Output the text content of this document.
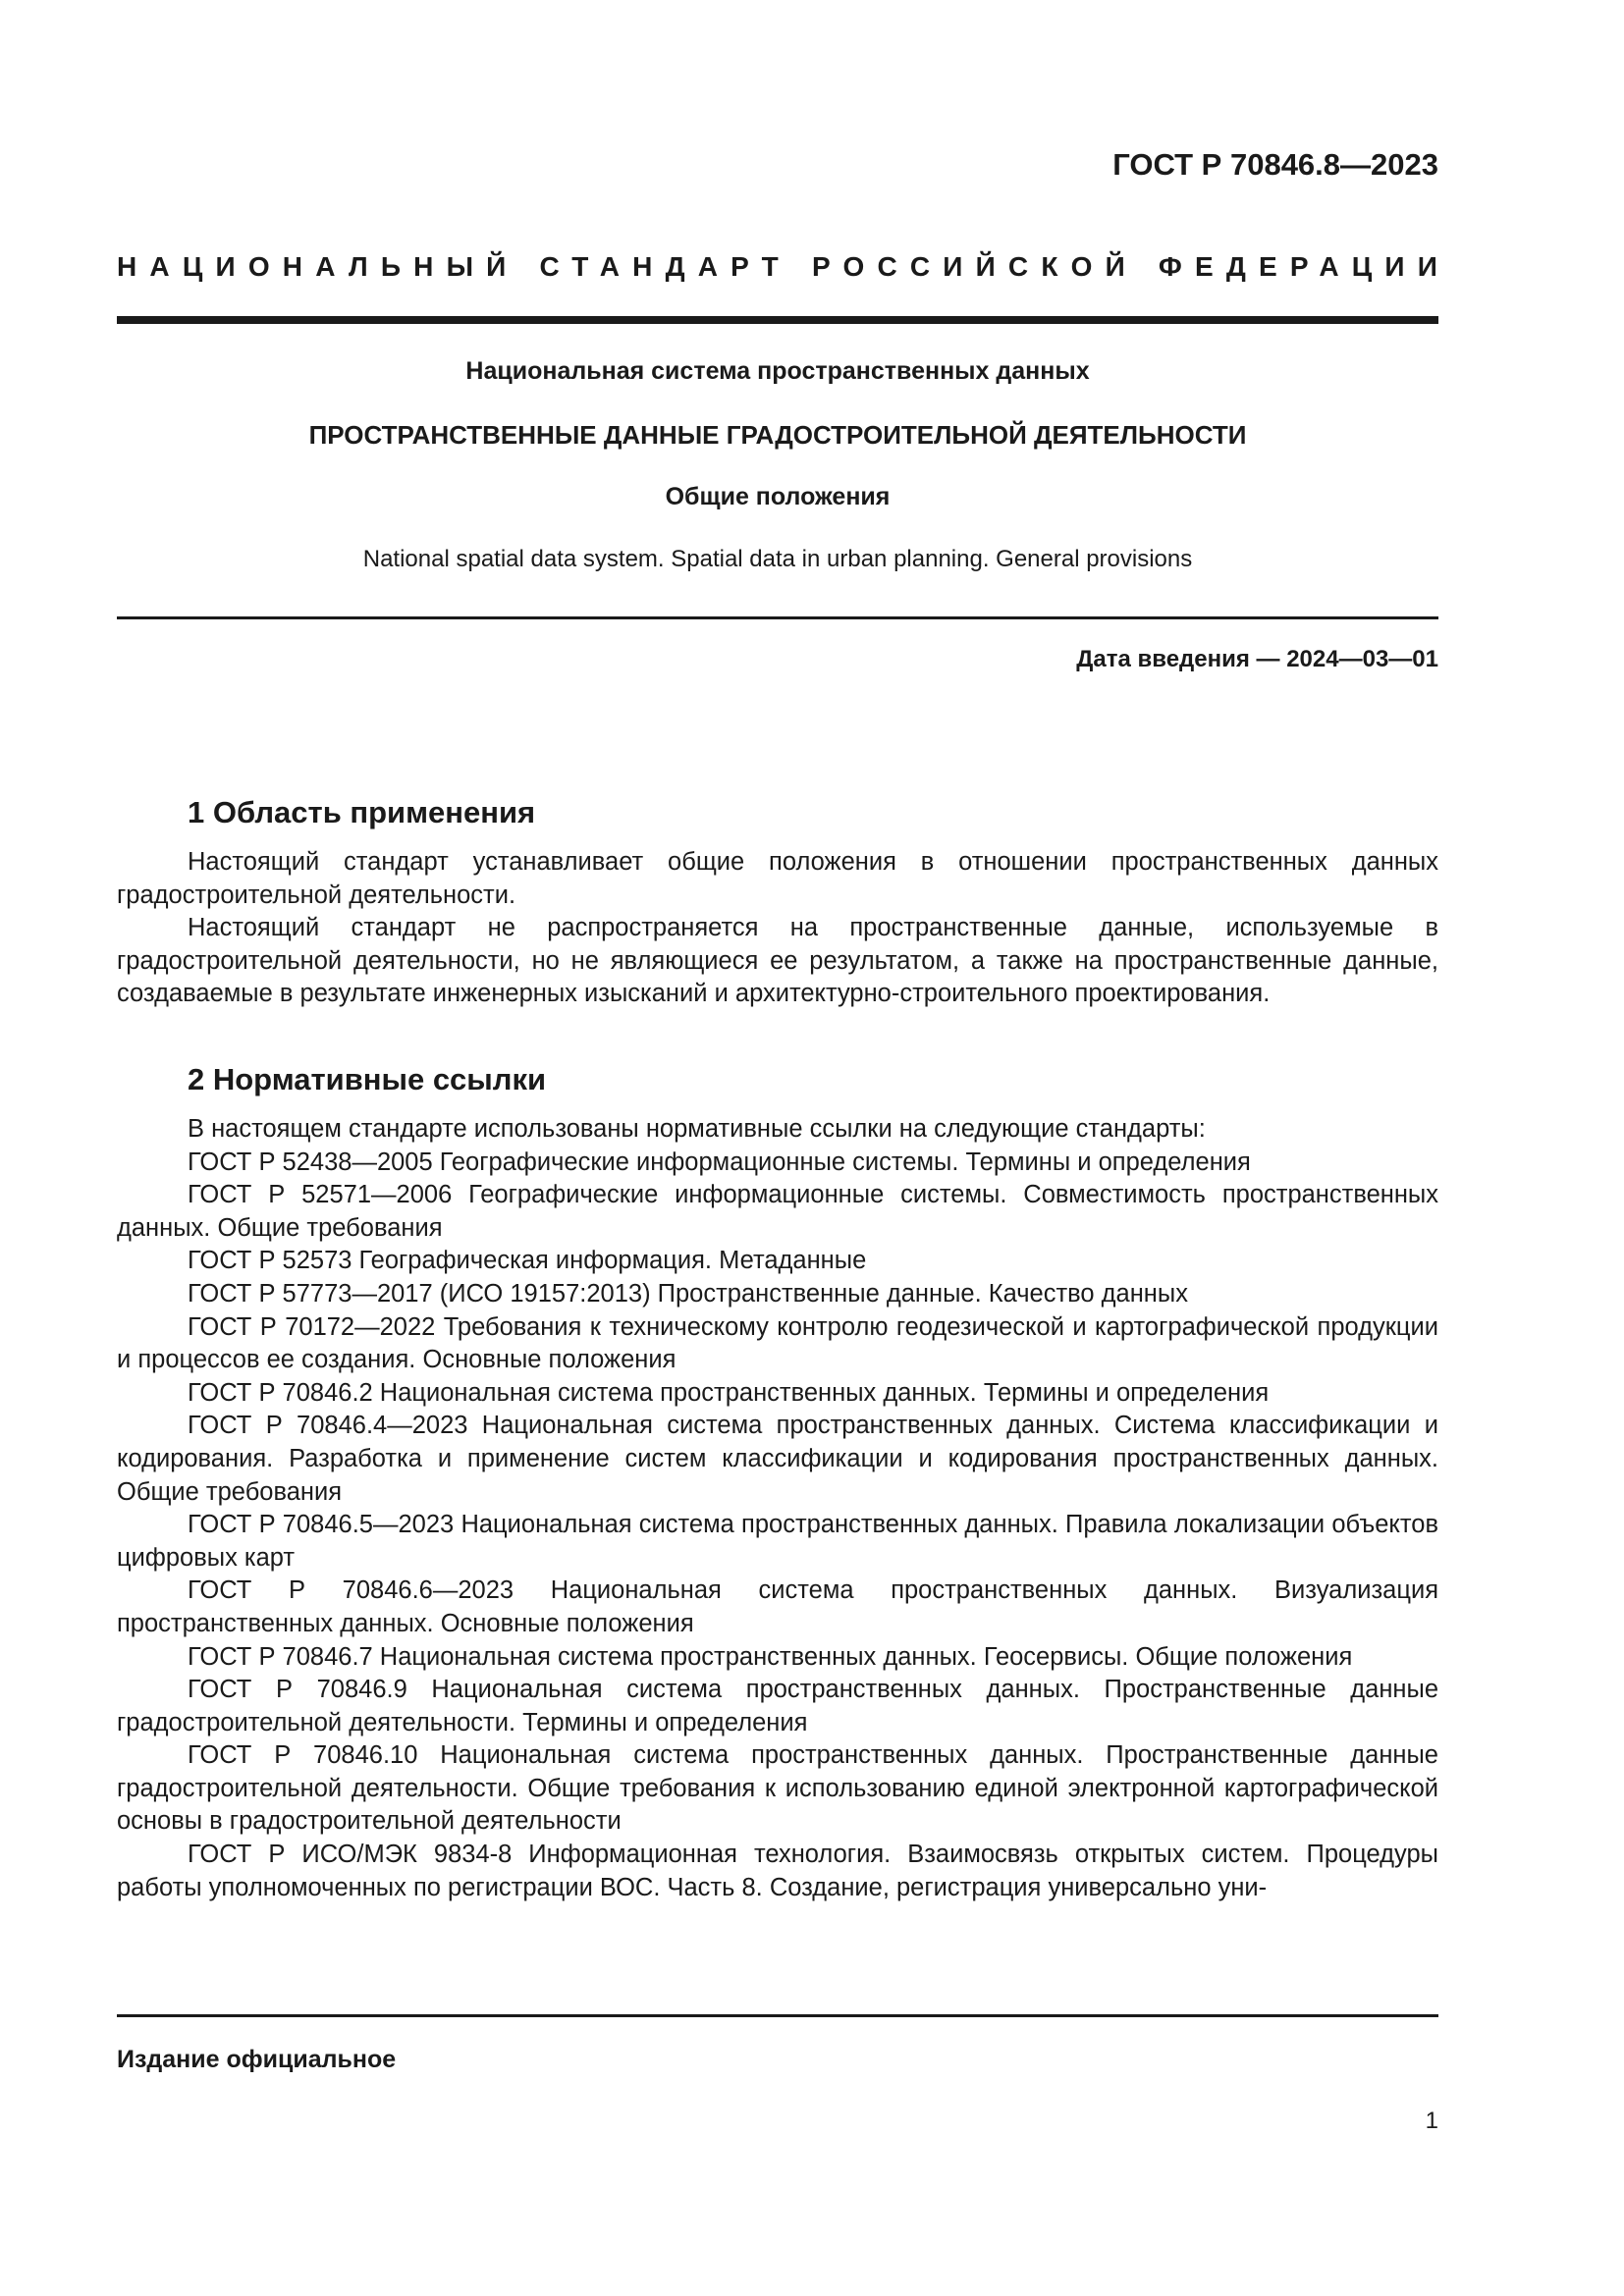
ГОСТ Р 70846.8—2023
НАЦИОНАЛЬНЫЙ СТАНДАРТ РОССИЙСКОЙ ФЕДЕРАЦИИ
Национальная система пространственных данных
ПРОСТРАНСТВЕННЫЕ ДАННЫЕ ГРАДОСТРОИТЕЛЬНОЙ ДЕЯТЕЛЬНОСТИ
Общие положения
National spatial data system. Spatial data in urban planning. General provisions
Дата введения — 2024—03—01
1 Область применения

Настоящий стандарт устанавливает общие положения в отношении пространственных данных градостроительной деятельности.

Настоящий стандарт не распространяется на пространственные данные, используемые в градостроительной деятельности, но не являющиеся ее результатом, а также на пространственные данные, создаваемые в результате инженерных изысканий и архитектурно-строительного проектирования.

2 Нормативные ссылки

В настоящем стандарте использованы нормативные ссылки на следующие стандарты:

ГОСТ Р 52438—2005 Географические информационные системы. Термины и определения

ГОСТ Р 52571—2006 Географические информационные системы. Совместимость пространственных данных. Общие требования

ГОСТ Р 52573 Географическая информация. Метаданные

ГОСТ Р 57773—2017 (ИСО 19157:2013) Пространственные данные. Качество данных

ГОСТ Р 70172—2022 Требования к техническому контролю геодезической и картографической продукции и процессов ее создания. Основные положения

ГОСТ Р 70846.2 Национальная система пространственных данных. Термины и определения

ГОСТ Р 70846.4—2023 Национальная система пространственных данных. Система классификации и кодирования. Разработка и применение систем классификации и кодирования пространственных данных. Общие требования

ГОСТ Р 70846.5—2023 Национальная система пространственных данных. Правила локализации объектов цифровых карт

ГОСТ Р 70846.6—2023 Национальная система пространственных данных. Визуализация пространственных данных. Основные положения

ГОСТ Р 70846.7 Национальная система пространственных данных. Геосервисы. Общие положения

ГОСТ Р 70846.9 Национальная система пространственных данных. Пространственные данные градостроительной деятельности. Термины и определения

ГОСТ Р 70846.10 Национальная система пространственных данных. Пространственные данные градостроительной деятельности. Общие требования к использованию единой электронной картографической основы в градостроительной деятельности

ГОСТ Р ИСО/МЭК 9834-8 Информационная технология. Взаимосвязь открытых систем. Процедуры работы уполномоченных по регистрации ВОС. Часть 8. Создание, регистрация универсально уни-

Издание официальное
1
